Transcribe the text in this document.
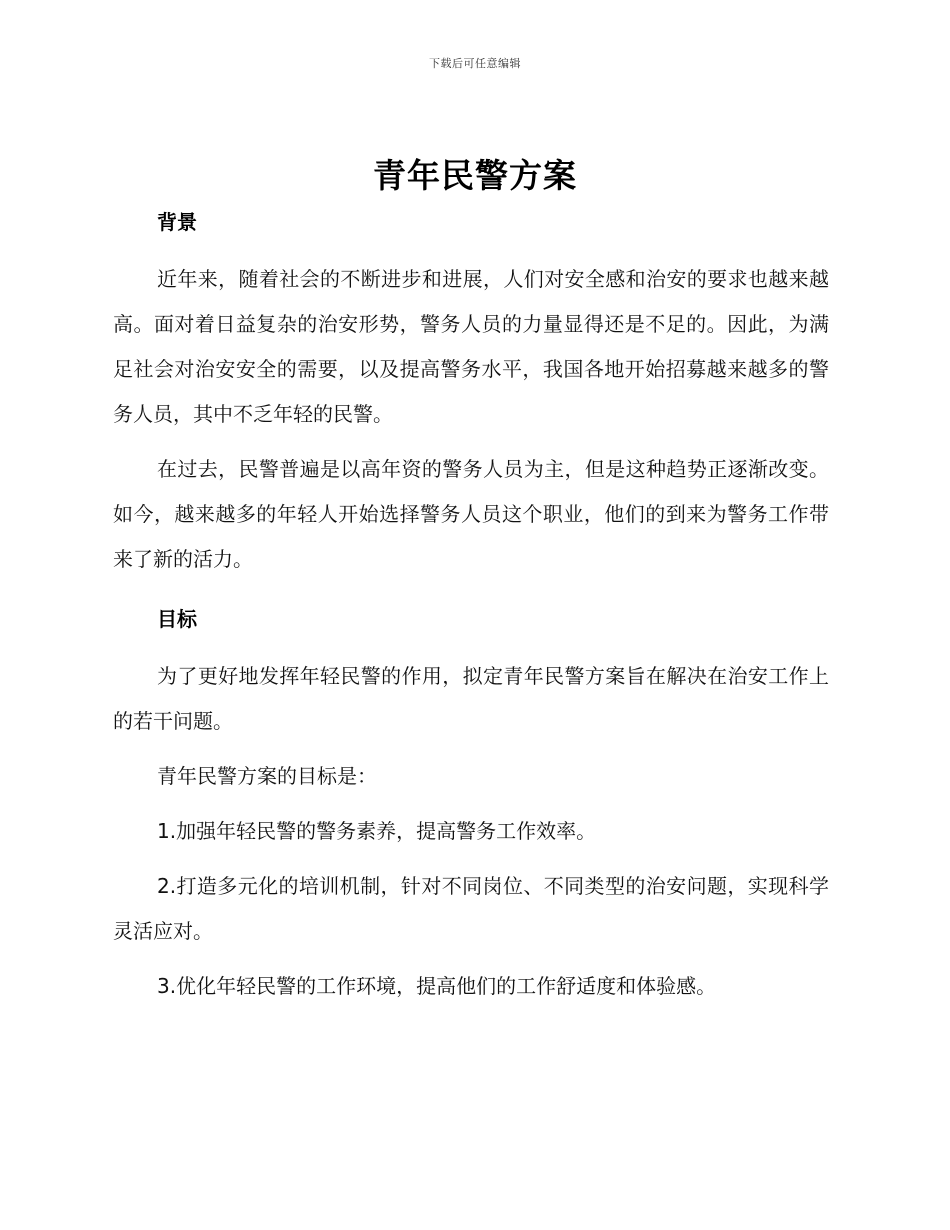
下载后可任意编辑
青年民警方案
背景

近年来，随着社会的不断进步和进展，人们对安全感和治安的要求也越来越高。面对着日益复杂的治安形势，警务人员的力量显得还是不足的。因此，为满足社会对治安安全的需要，以及提高警务水平，我国各地开始招募越来越多的警务人员，其中不乏年轻的民警。

在过去，民警普遍是以高年资的警务人员为主，但是这种趋势正逐渐改变。如今，越来越多的年轻人开始选择警务人员这个职业，他们的到来为警务工作带来了新的活力。

目标

为了更好地发挥年轻民警的作用，拟定青年民警方案旨在解决在治安工作上的若干问题。

青年民警方案的目标是：

1.加强年轻民警的警务素养，提高警务工作效率。

2.打造多元化的培训机制，针对不同岗位、不同类型的治安问题，实现科学灵活应对。

3.优化年轻民警的工作环境，提高他们的工作舒适度和体验感。
